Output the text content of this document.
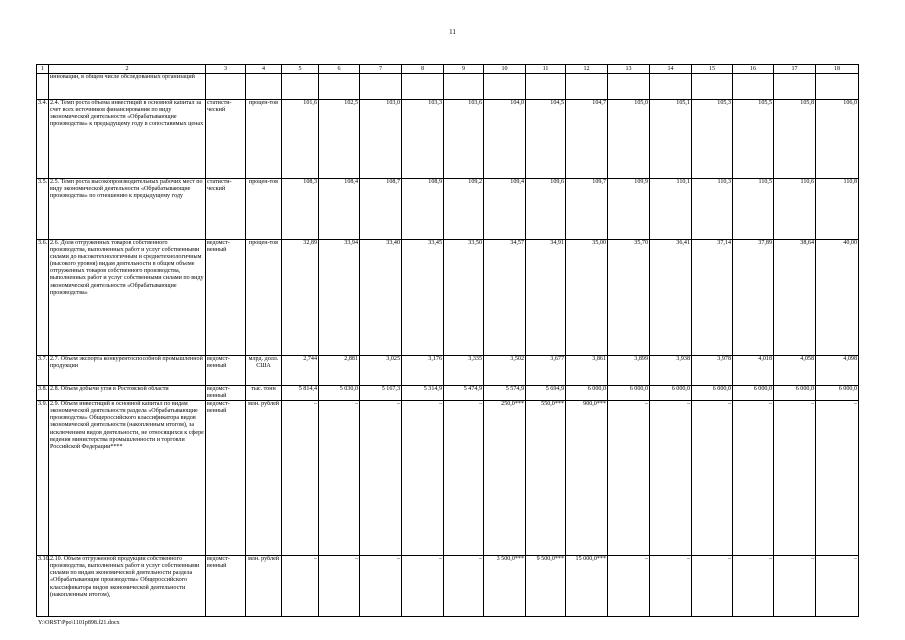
11
1	2	3	4	5	6	7	8	9	10	11	12	13	14	15	16	17	18
	инновации, в общем числе обследованных организаций																
3.4.	2.4. Темп роста объема инвестиций в основной капитал за счет всех источников финансирования по виду экономической деятельности «Обрабатывающие производства» к предыдущему году в сопоставимых ценах	статисти-ческий	процен-тов	101,6	102,5	103,0	103,3	103,6	104,0	104,5	104,7	105,0	105,1	105,3	105,5	105,8	106,0
3.5.	2.5. Темп роста высокопроизводительных рабочих мест по виду экономической деятельности «Обрабатывающие производства» по отношению к предыдущему году	статисти-ческий	процен-тов	108,3	108,4	108,7	108,9	109,2	109,4	109,6	109,7	109,9	110,1	110,3	110,5	110,6	110,8
3.6.	2.6. Доля отгруженных товаров собственного производства, выполненных работ и услуг собственными силами до высокотехнологичным и среднетехнологичным (высокого уровня) видам деятельности в общем объеме отгруженных товаров собственного производства, выполненных работ и услуг собственными силами по виду экономической деятельности «Обрабатывающие производства»	ведомст-венный	процен-тов	32,89	33,94	33,40	33,45	33,50	34,57	34,91	35,00	35,70	36,41	37,14	37,89	38,64	40,00
3.7.	2.7. Объем экспорта конкурентоспособной промышленной продукции	ведомст-венный	млрд. долл. США	2,744	2,881	3,025	3,176	3,335	3,502	3,677	3,861	3,899	3,938	3,978	4,018	4,058	4,098
3.8.	2.8. Объем добычи угля в Ростовской области	ведомст-венный	тыс. тонн	5 814,4	5 030,0	5 167,3	5 314,9	5 474,9	5 574,9	5 694,9	6 000,0	6 000,0	6 000,0	6 000,0	6 000,0	6 000,0	6 000,0
3.9.	2.9. Объем инвестиций в основной капитал по видам экономической деятельности раздела «Обрабатывающие производства» Общероссийского классификатора видов экономической деятельности (накопленным итогом), за исключением видов деятельности, не относящихся к сфере ведения министерства промышленности и торговли Российской Федерации****	ведомст-венный	млн. рублей	–	–	–	–	–	250,0***	550,0***	900,0***	–	–	–	–	–	–
3.10.	2.10. Объем отгруженной продукции собственного производства, выполненных работ и услуг собственными силами по видам экономической деятельности раздела «Обрабатывающие производства» Общероссийского классификатора видов экономической деятельности (накопленным итогом),	ведомст-венный	млн. рублей	–	–	–	–	–	3 500,0***	9 500,0***	15 000,0***	–	–	–	–	–	–
Y:\ORST\Ppo\1101p898.f21.docx
